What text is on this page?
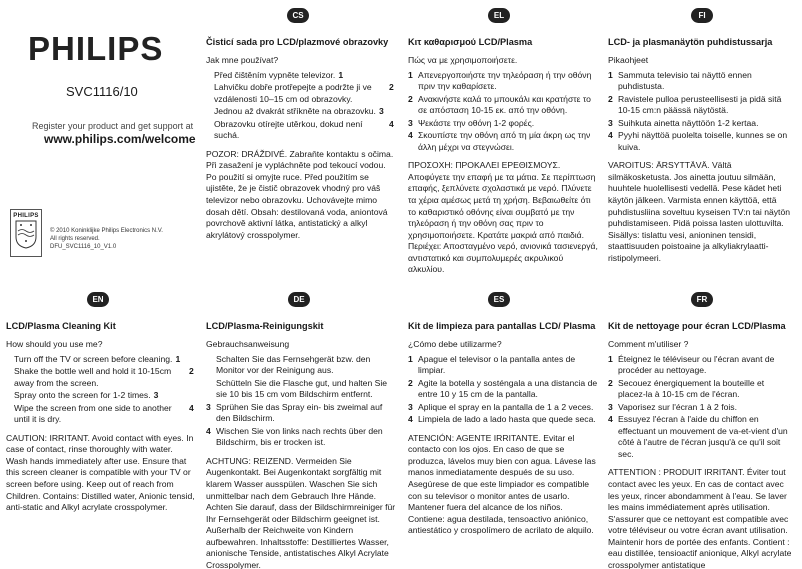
PHILIPS
SVC1116/10
Register your product and get support at
www.philips.com/welcome
PHILIPS
© 2010 Koninklijke Philips Electronics N.V.
All rights reserved.
DFU_SVC1116_10_V1.0
CS	EL	FI
EN	DE	ES	FR
Čisticí sada pro LCD/plazmové obrazovky
Jak mne používat?
Před čištěním vypněte televizor. 1
Lahvičku dobře protřepejte a podržte ji ve vzdálenosti 10–15 cm od obrazovky.
2
Jednou až dvakrát stříkněte na obrazovku. 3
Obrazovku otírejte utěrkou, dokud není suchá.
4
POZOR: DRÁŽDIVÉ. Zabraňte kontaktu s očima. Při zasažení je vypláchněte pod tekoucí vodou. Po použití si omyjte ruce. Před použitím se ujistěte, že je čistič obrazovek vhodný pro váš televizor nebo obrazovku. Uchovávejte mimo dosah dětí. Obsah: destilovaná voda, aniontová povrchově aktivní látka, antistatický a alkyl akrylátový crosspolymer.
Κιτ καθαρισμού LCD/Plasma
Πώς να με χρησιμοποιήσετε.
1 Απενεργοποιήστε την τηλεόραση ή την οθόνη πριν την καθαρίσετε.
2 Ανακινήστε καλά το μπουκάλι και κρατήστε το σε απόσταση 10-15 εκ. από την οθόνη.
3 Ψεκάστε την οθόνη 1-2 φορές.
4 Σκουπίστε την οθόνη από τη μία άκρη ως την άλλη μέχρι να στεγνώσει.
ΠΡΟΣΟΧΗ: ΠΡΟΚΑΛΕΙ ΕΡΕΘΙΣΜΟΥΣ. Αποφύγετε την επαφή με τα μάτια. Σε περίπτωση επαφής, ξεπλύνετε σχολαστικά με νερό. Πλύνετε τα χέρια αμέσως μετά τη χρήση. Βεβαιωθείτε ότι το καθαριστικό οθόνης είναι συμβατό με την τηλεόραση ή την οθόνη σας πριν το χρησιμοποιήσετε. Κρατάτε μακριά από παιδιά. Περιέχει: Αποσταγμένο νερό, ανιονικά τασιενεργά, αντιστατικό και συμπολυμερές ακρυλικού αλκυλίου.
LCD- ja plasmanäytön puhdistussarja
Pikaohjeet
1 Sammuta televisio tai näyttö ennen puhdistusta.
2 Ravistele pulloa perusteellisesti ja pidä sitä 10-15 cm:n päässä näytöstä.
3 Suihkuta ainetta näyttöön 1-2 kertaa.
4 Pyyhi näyttöä puolelta toiselle, kunnes se on kuiva.
VAROITUS: ÄRSYTTÄVÄ. Vältä silmäkosketusta. Jos ainetta joutuu silmään, huuhtele huolellisesti vedellä. Pese kädet heti käytön jälkeen. Varmista ennen käyttöä, että puhdistusliina soveltuu kyseisen TV:n tai näytön puhdistamiseen. Pidä poissa lasten ulottuvilta. Sisällys: tislattu vesi, anioninen tensidi, staattisuuden poistoaine ja alkyliakrylaatti-ristipolymeeri.
LCD/Plasma Cleaning Kit
How should you use me?
Turn off the TV or screen before cleaning. 1
Shake the bottle well and hold it 10-15cm away from the screen.
2
Spray onto the screen for 1-2 times. 3
Wipe the screen from one side to another until it is dry.
4
CAUTION: IRRITANT. Avoid contact with eyes. In case of contact, rinse thoroughly with water. Wash hands immediately after use. Ensure that this screen cleaner is compatible with your TV or screen before using. Keep out of reach from Children. Contains: Distilled water, Anionic tensid, anti-static and Alkyl acrylate crosspolymer.
LCD/Plasma-Reinigungskit
Gebrauchsanweisung
Schalten Sie das Fernsehgerät bzw. den Monitor vor der Reinigung aus.
Schütteln Sie die Flasche gut, und halten Sie sie 10 bis 15 cm vom Bildschirm entfernt.
3 Sprühen Sie das Spray ein- bis zweimal auf den Bildschirm.
4 Wischen Sie von links nach rechts über den Bildschirm, bis er trocken ist.
ACHTUNG: REIZEND. Vermeiden Sie Augenkontakt. Bei Augenkontakt sorgfältig mit klarem Wasser ausspülen. Waschen Sie sich unmittelbar nach dem Gebrauch Ihre Hände. Achten Sie darauf, dass der Bildschirmreiniger für Ihr Fernsehgerät oder Bildschirm geeignet ist. Außerhalb der Reichweite von Kindern aufbewahren. Inhaltsstoffe: Destilliertes Wasser, anionische Tenside, antistatisches Alkyl Acrylate Crosspolymer.
Kit de limpieza para pantallas LCD/ Plasma
¿Cómo debe utilizarme?
1 Apague el televisor o la pantalla antes de limpiar.
2 Agite la botella y sosténgala a una distancia de entre 10 y 15 cm de la pantalla.
3 Aplique el spray en la pantalla de 1 a 2 veces.
4 Limpiela de lado a lado hasta que quede seca.
ATENCIÓN: AGENTE IRRITANTE. Evitar el contacto con los ojos. En caso de que se produzca, lávelos muy bien con agua. Lávese las manos inmediatamente después de su uso. Asegúrese de que este limpiador es compatible con su televisor o monitor antes de usarlo. Mantener fuera del alcance de los niños. Contiene: agua destilada, tensoactivo aniónico, antiestático y crospolímero de acrilato de alquilo.
Kit de nettoyage pour écran LCD/Plasma
Comment m'utiliser ?
1 Éteignez le téléviseur ou l'écran avant de procéder au nettoyage.
2 Secouez énergiquement la bouteille et placez-la à 10-15 cm de l'écran.
3 Vaporisez sur l'écran 1 à 2 fois.
4 Essuyez l'écran à l'aide du chiffon en effectuant un mouvement de va-et-vient d'un côté à l'autre de l'écran jusqu'à ce qu'il soit sec.
ATTENTION : PRODUIT IRRITANT. Éviter tout contact avec les yeux. En cas de contact avec les yeux, rincer abondamment à l'eau. Se laver les mains immédiatement après utilisation. S'assurer que ce nettoyant est compatible avec votre téléviseur ou votre écran avant utilisation. Maintenir hors de portée des enfants. Contient : eau distillée, tensioactif anionique, Alkyl acrylate crosspolymer antistatique
